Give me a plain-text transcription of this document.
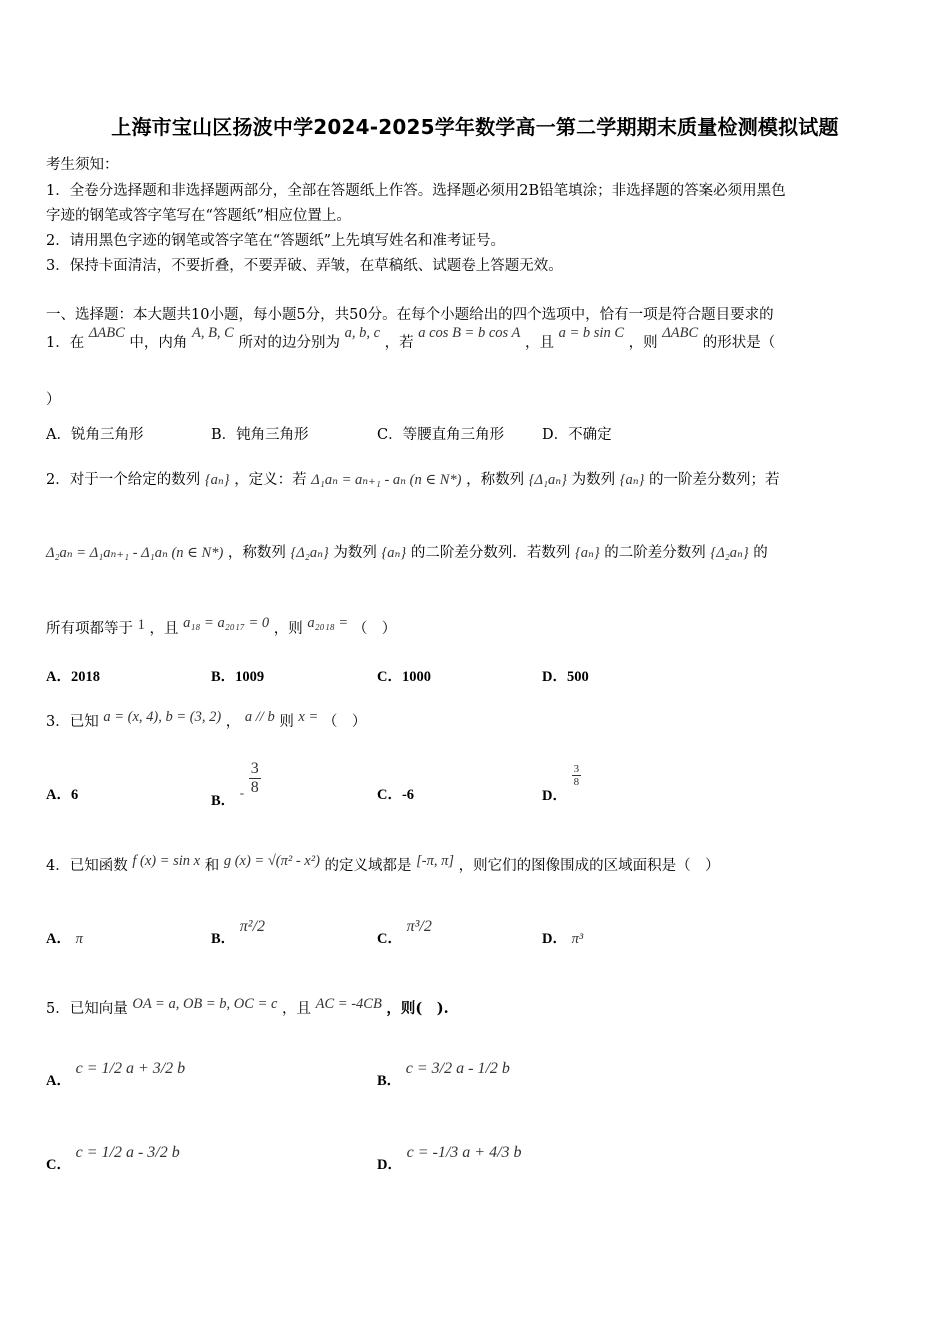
上海市宝山区扬波中学2024-2025学年数学高一第二学期期末质量检测模拟试题
考生须知：
1．全卷分选择题和非选择题两部分，全部在答题纸上作答。选择题必须用2B铅笔填涂；非选择题的答案必须用黑色
字迹的钢笔或答字笔写在“答题纸”相应位置上。
2．请用黑色字迹的钢笔或答字笔在“答题纸”上先填写姓名和准考证号。
3．保持卡面清洁，不要折叠，不要弄破、弄皱，在草稿纸、试题卷上答题无效。
一、选择题：本大题共10小题，每小题5分，共50分。在每个小题给出的四个选项中，恰有一项是符合题目要求的
1．在 ΔABC 中，内角 A, B, C 所对的边分别为 a, b, c ，若 a cos B = b cos A ，且 a = b sin C ，则 ΔABC 的形状是（
）
A．锐角三角形	B．钝角三角形	C．等腰直角三角形	D．不确定
2．对于一个给定的数列 {aₙ} ，定义：若 Δ₁aₙ = aₙ₊₁ - aₙ (n ∈ N*) ，称数列 {Δ₁aₙ} 为数列 {aₙ} 的一阶差分数列；若
Δ₂aₙ = Δ₁aₙ₊₁ - Δ₁aₙ (n ∈ N*) ，称数列 {Δ₂aₙ} 为数列 {aₙ} 的二阶差分数列．若数列 {aₙ} 的二阶差分数列 {Δ₂aₙ} 的
所有项都等于 1 ，且 a₁₈ = a₂₀₁₇ = 0 ，则 a₂₀₁₈ = （　）
A．2018	B．1009	C．1000	D．500
3．已知 a = (x, 4), b = (3, 2) ， a // b 则 x = （　）
A．6	B． - $\frac{3}{8}$	C．-6	D．
$\frac{3}{8}$
4．已知函数 f (x) = sin x 和 g (x) = √(π² - x²) 的定义域都是 [-π, π] ，则它们的图像围成的区域面积是（　）
A． π	B． π²/2
C． π³/2
D． π³
5．已知向量 OA = a, OB = b, OC = c ，且 AC = -4CB ，则(　).
A． c = 1/2 a + 3/2 b
B． c = 3/2 a - 1/2 b
C． c = 1/2 a - 3/2 b
D． c = -1/3 a + 4/3 b
